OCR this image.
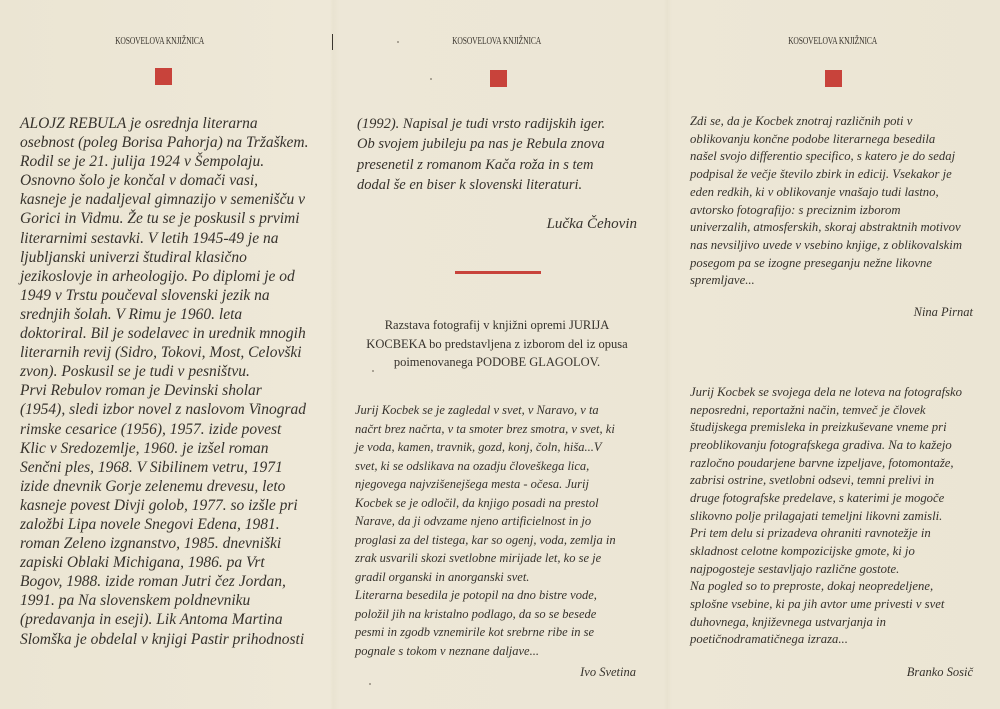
KOSOVELOVA KNJIŽNICA
ALOJZ REBULA je osrednja literarna
osebnost (poleg Borisa Pahorja) na Tržaškem.
Rodil se je 21. julija 1924 v Šempolaju.
Osnovno šolo je končal v domači vasi,
kasneje je nadaljeval gimnazijo v semenišču v
Gorici in Vidmu. Že tu se je poskusil s prvimi
literarnimi sestavki. V letih 1945-49 je na
ljubljanski univerzi študiral klasično
jezikoslovje in arheologijo. Po diplomi je od
1949 v Trstu poučeval slovenski jezik na
srednjih šolah. V Rimu je 1960. leta
doktoriral. Bil je sodelavec in urednik mnogih
literarnih revij (Sidro, Tokovi, Most, Celovški
zvon). Poskusil se je tudi v pesništvu.
Prvi Rebulov roman je Devinski sholar
(1954), sledi izbor novel z naslovom Vinograd
rimske cesarice (1956), 1957. izide povest
Klic v Sredozemlje, 1960. je izšel roman
Senčni ples, 1968. V Sibilinem vetru, 1971
izide dnevnik Gorje zelenemu drevesu, leto
kasneje povest Divji golob, 1977. so izšle pri
založbi Lipa novele Snegovi Edena, 1981.
roman Zeleno izgnanstvo, 1985. dnevniški
zapiski Oblaki Michigana, 1986. pa Vrt
Bogov, 1988. izide roman Jutri čez Jordan,
1991. pa Na slovenskem poldnevniku
(predavanja in eseji). Lik Antoma Martina
Slomška je obdelal v knjigi Pastir prihodnosti
KOSOVELOVA KNJIŽNICA
(1992). Napisal je tudi vrsto radijskih iger.
Ob svojem jubileju pa nas je Rebula znova
presenetil z romanom Kača roža in s tem
dodal še en biser k slovenski literaturi.
Lučka Čehovin
Razstava fotografij v knjižni opremi JURIJA
KOCBEKA bo predstavljena z izborom del iz opusa
poimenovanega PODOBE GLAGOLOV.
Jurij Kocbek se je zagledal v svet, v Naravo, v ta
načrt brez načrta, v ta smoter brez smotra, v svet, ki
je voda, kamen, travnik, gozd, konj, čoln, hiša...V
svet, ki se odslikava na ozadju človeškega lica,
njegovega najvzišenejšega mesta - očesa. Jurij
Kocbek se je odločil, da knjigo posadi na prestol
Narave, da ji odvzame njeno artificielnost in jo
proglasi za del tistega, kar so ogenj, voda, zemlja in
zrak usvarili skozi svetlobne mirijade let, ko se je
gradil organski in anorganski svet.
Literarna besedila je potopil na dno bistre vode,
položil jih na kristalno podlago, da so se besede
pesmi in zgodb vznemirile kot srebrne ribe in se
pognale s tokom v neznane daljave...
Ivo Svetina
KOSOVELOVA KNJIŽNICA
Zdi se, da je Kocbek znotraj različnih poti v
oblikovanju končne podobe literarnega besedila
našel svojo differentio specifico, s katero je do sedaj
podpisal že večje število zbirk in edicij. Vsekakor je
eden redkih, ki v oblikovanje vnašajo tudi lastno,
avtorsko fotografijo: s preciznim izborom
univerzalih, atmosferskih, skoraj abstraktnih motivov
nas nevsiljivo uvede v vsebino knjige, z oblikovalskim
posegom pa se izogne preseganju nežne likovne
spremljave...
Nina Pirnat
Jurij Kocbek se svojega dela ne loteva na fotografsko
neposredni, reportažni način, temveč je človek
študijskega premisleka in preizkuševane vneme pri
preoblikovanju fotografskega gradiva. Na to kažejo
razločno poudarjene barvne izpeljave, fotomontaže,
zabrisi ostrine, svetlobni odsevi, temni prelivi in
druge fotografske predelave, s katerimi je mogoče
slikovno polje prilagajati temeljni likovni zamisli.
Pri tem delu si prizadeva ohraniti ravnotežje in
skladnost celotne kompozicijske gmote, ki jo
najpogosteje sestavljajo različne gostote.
Na pogled so to preproste, dokaj neopredeljene,
splošne vsebine, ki pa jih avtor ume privesti v svet
duhovnega, književnega ustvarjanja in
poetičnodramatičnega izraza...
Branko Sosič
